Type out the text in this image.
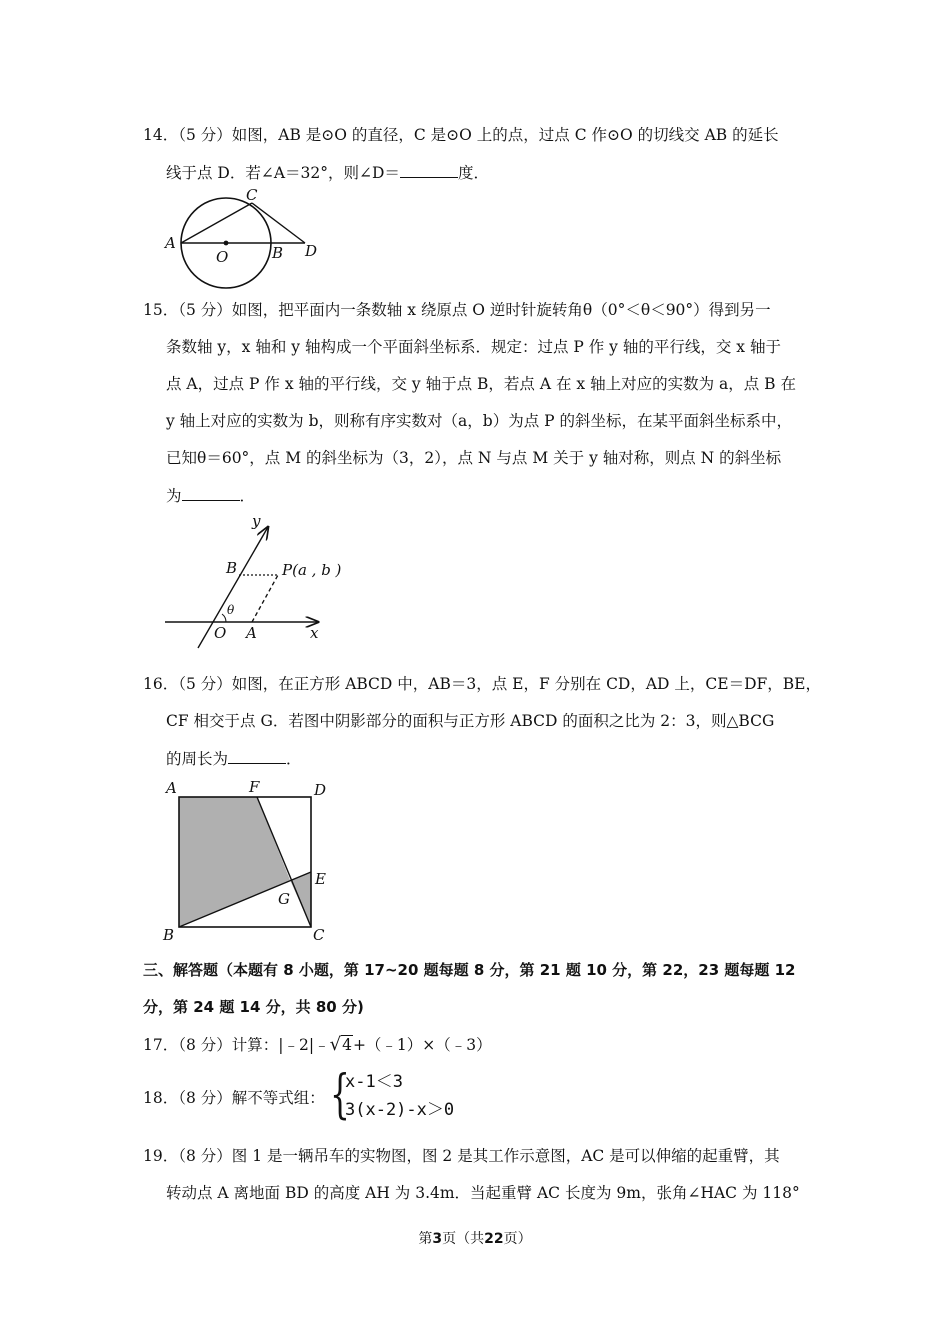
14．（5 分）如图，AB 是⊙O 的直径，C 是⊙O 上的点，过点 C 作⊙O 的切线交 AB 的延长
线于点 D．若∠A＝32°，则∠D＝	度．
A
C
O	B D
15．（5 分）如图，把平面内一条数轴 x 绕原点 O 逆时针旋转角θ（0°＜θ＜90°）得到另一
条数轴 y，x 轴和 y 轴构成一个平面斜坐标系．规定：过点 P 作 y 轴的平行线，交 x 轴于
点 A，过点 P 作 x 轴的平行线，交 y 轴于点 B，若点 A 在 x 轴上对应的实数为 a，点 B 在
y 轴上对应的实数为 b，则称有序实数对（a，b）为点 P 的斜坐标，在某平面斜坐标系中，
已知θ＝60°，点 M 的斜坐标为（3，2），点 N 与点 M 关于 y 轴对称，则点 N 的斜坐标
为	．
y
B	P(a , b )
θ
O A	x
16．（5 分）如图，在正方形 ABCD 中，AB＝3，点 E，F 分别在 CD，AD 上，CE＝DF，BE，
CF 相交于点 G．若图中阴影部分的面积与正方形 ABCD 的面积之比为 2：3，则△BCG
的周长为	．
A	F	D
E
G
B	C
三、解答题（本题有 8 小题，第 17~20 题每题 8 分，第 21 题 10 分，第 22，23 题每题 12
分，第 24 题 14 分，共 80 分)
17．（8 分）计算：|﹣2|﹣√4+（﹣1）×（﹣3）
18．（8 分）解不等式组： {
x-1＜3
3(x-2)-x＞0
19．（8 分）图 1 是一辆吊车的实物图，图 2 是其工作示意图，AC 是可以伸缩的起重臂，其
转动点 A 离地面 BD 的高度 AH 为 3.4m．当起重臂 AC 长度为 9m，张角∠HAC 为 118°
第3页（共22页）
